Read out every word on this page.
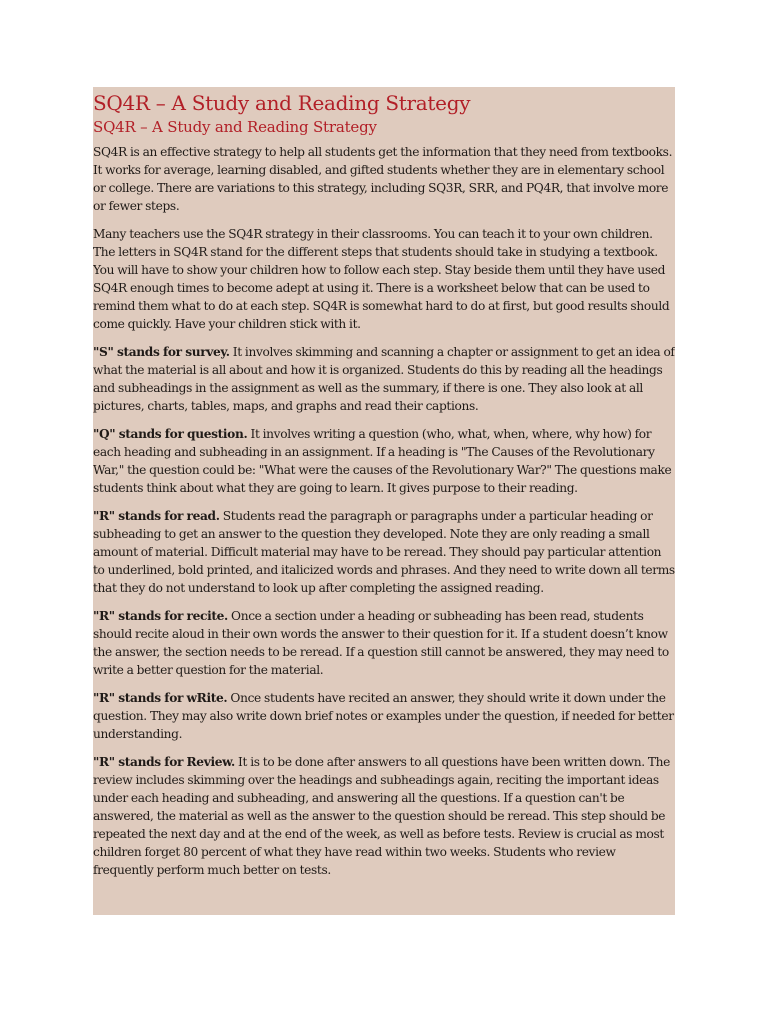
SQ4R – A Study and Reading Strategy
SQ4R – A Study and Reading Strategy

SQ4R is an effective strategy to help all students get the information that they need from textbooks. It works for average, learning disabled, and gifted students whether they are in elementary school or college. There are variations to this strategy, including SQ3R, SRR, and PQ4R, that involve more or fewer steps.

Many teachers use the SQ4R strategy in their classrooms. You can teach it to your own children. The letters in SQ4R stand for the different steps that students should take in studying a textbook. You will have to show your children how to follow each step. Stay beside them until they have used SQ4R enough times to become adept at using it. There is a worksheet below that can be used to remind them what to do at each step. SQ4R is somewhat hard to do at first, but good results should come quickly. Have your children stick with it.

"S" stands for survey. It involves skimming and scanning a chapter or assignment to get an idea of what the material is all about and how it is organized. Students do this by reading all the headings and subheadings in the assignment as well as the summary, if there is one. They also look at all pictures, charts, tables, maps, and graphs and read their captions.

"Q" stands for question. It involves writing a question (who, what, when, where, why how) for each heading and subheading in an assignment. If a heading is "The Causes of the Revolutionary War," the question could be: "What were the causes of the Revolutionary War?" The questions make students think about what they are going to learn. It gives purpose to their reading.

"R" stands for read. Students read the paragraph or paragraphs under a particular heading or subheading to get an answer to the question they developed. Note they are only reading a small amount of material. Difficult material may have to be reread. They should pay particular attention to underlined, bold printed, and italicized words and phrases. And they need to write down all terms that they do not understand to look up after completing the assigned reading.

"R" stands for recite. Once a section under a heading or subheading has been read, students should recite aloud in their own words the answer to their question for it. If a student doesn’t know the answer, the section needs to be reread. If a question still cannot be answered, they may need to write a better question for the material.

"R" stands for wRite. Once students have recited an answer, they should write it down under the question. They may also write down brief notes or examples under the question, if needed for better understanding.

"R" stands for Review. It is to be done after answers to all questions have been written down. The review includes skimming over the headings and subheadings again, reciting the important ideas under each heading and subheading, and answering all the questions. If a question can't be answered, the material as well as the answer to the question should be reread. This step should be repeated the next day and at the end of the week, as well as before tests. Review is crucial as most children forget 80 percent of what they have read within two weeks. Students who review frequently perform much better on tests.
